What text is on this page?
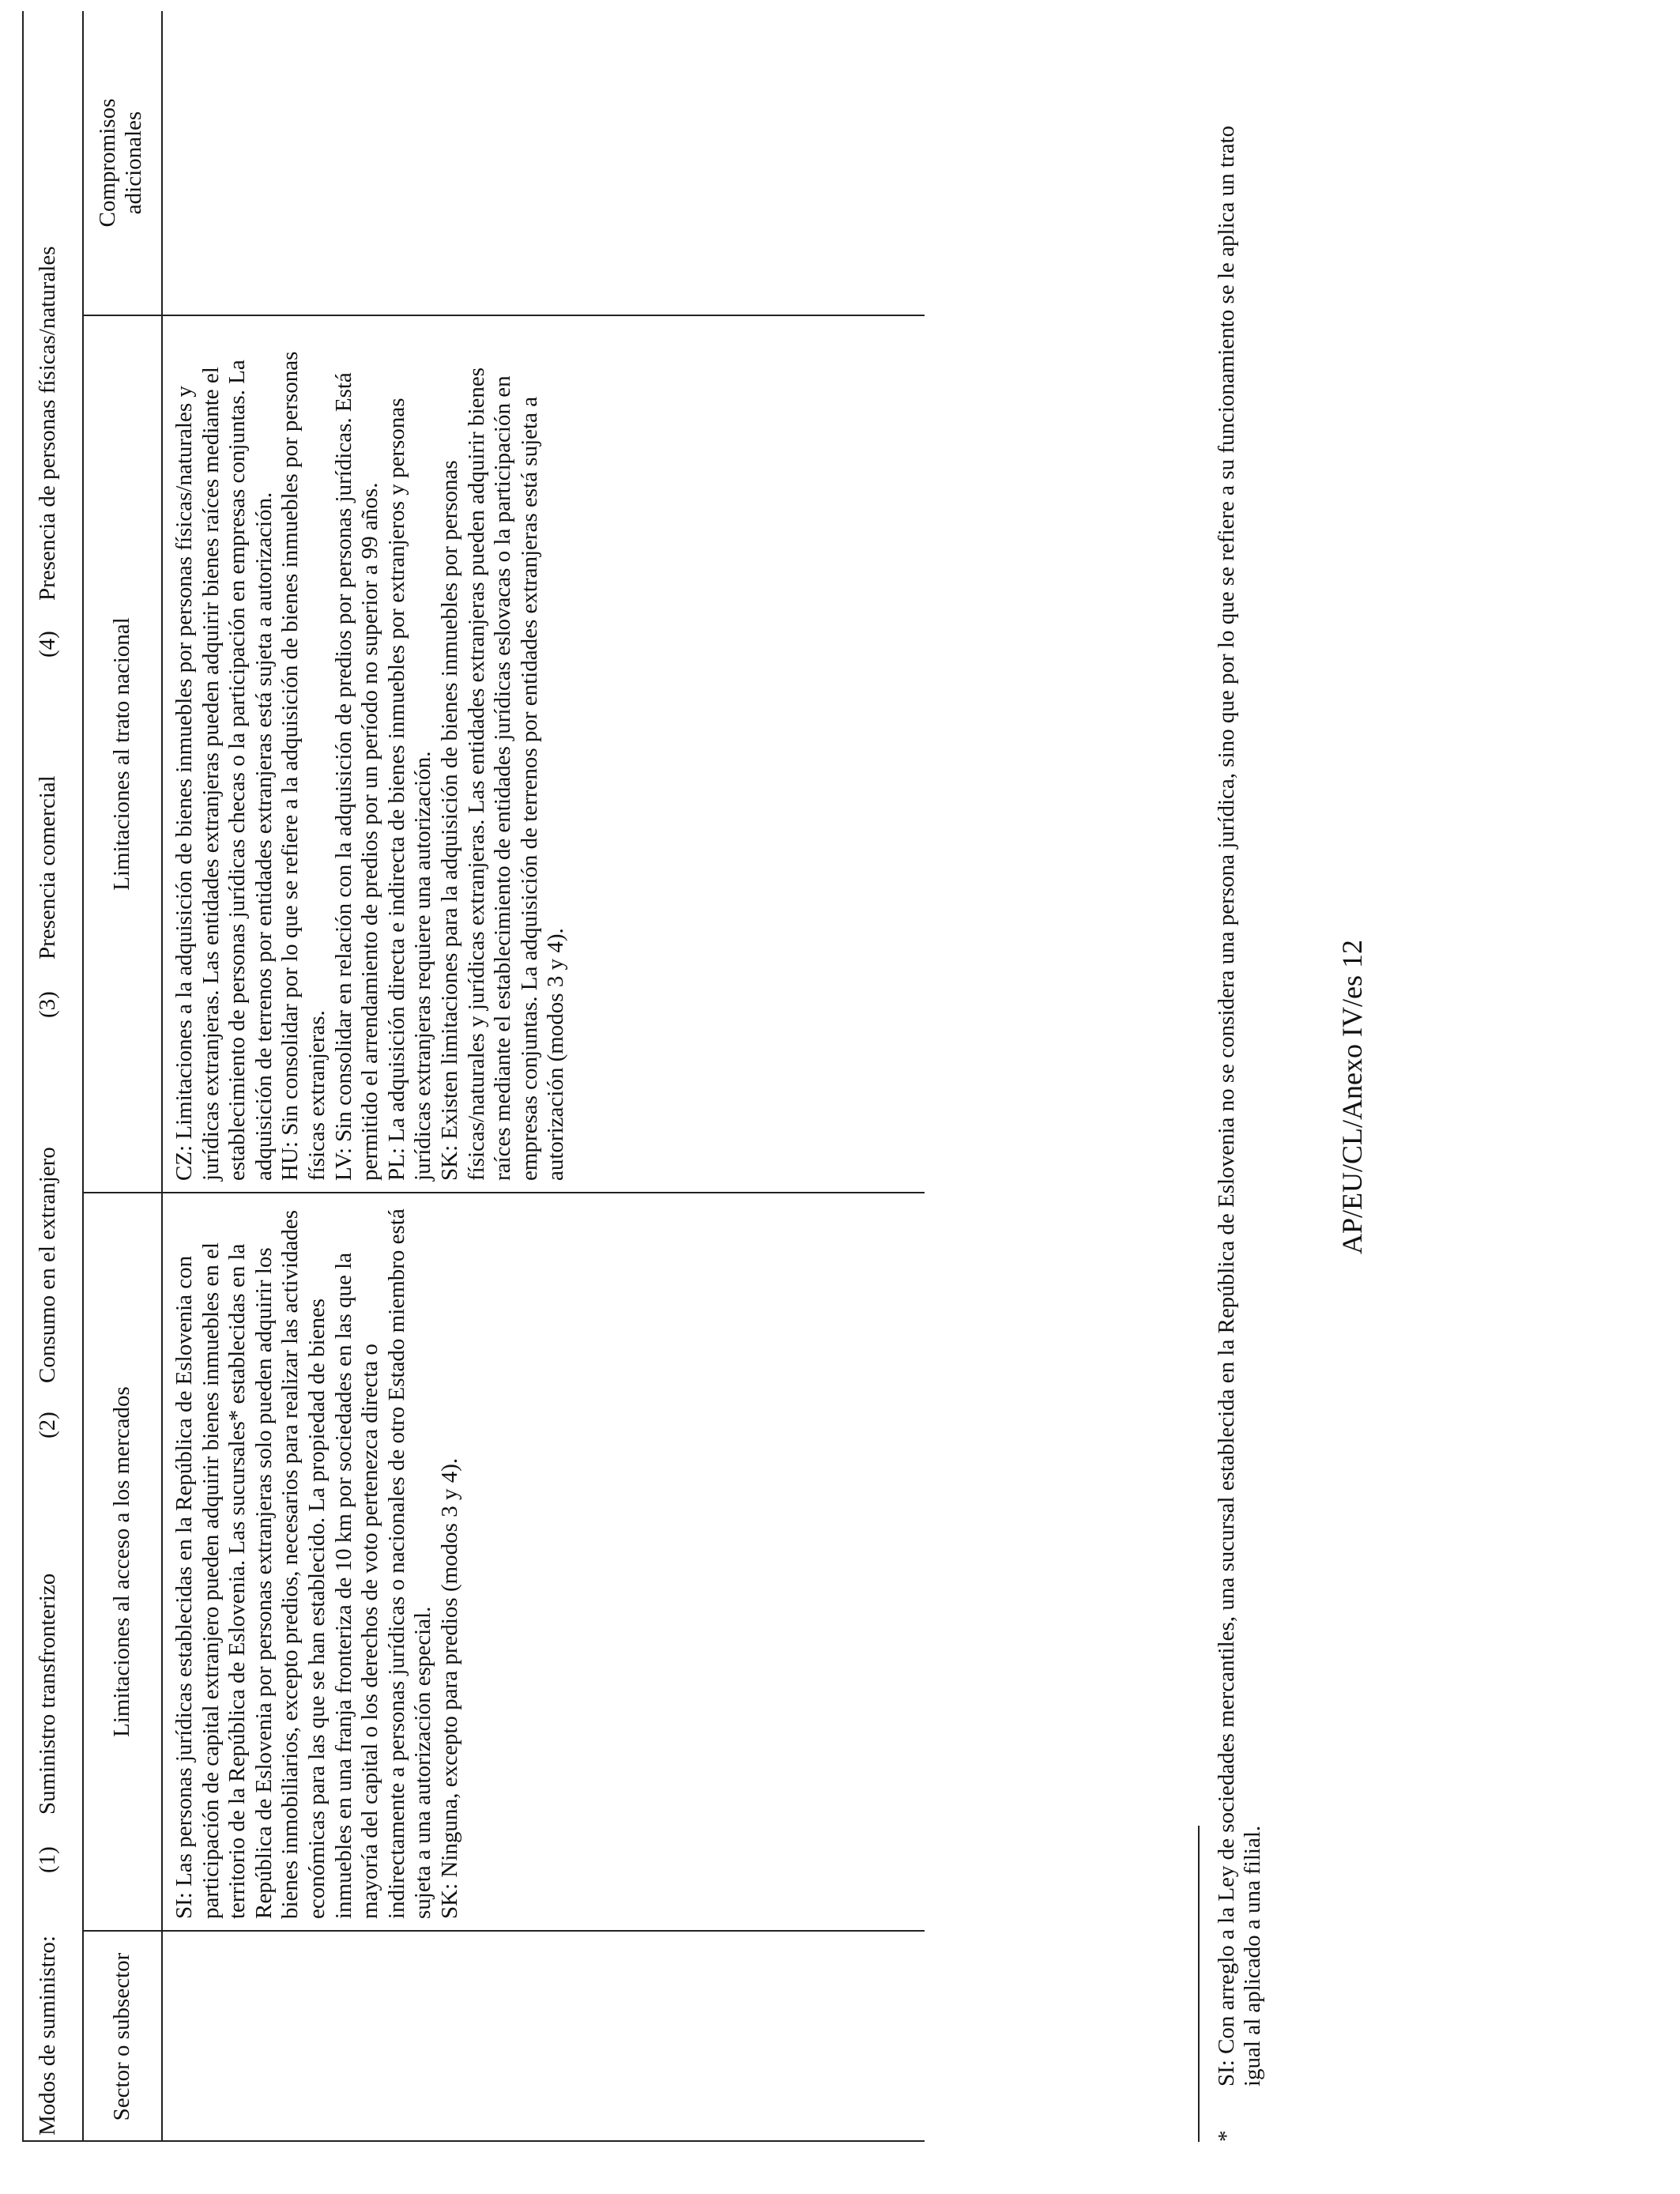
Modos de suministro:
(1)
Suministro transfronterizo
(2)
Consumo en el extranjero
(3)
Presencia comercial
(4)
Presencia de personas físicas/naturales
Sector o subsector
Limitaciones al acceso a los mercados
Limitaciones al trato nacional
Compromisos adicionales

SI: Las personas jurídicas establecidas en la República de Eslovenia con participación de capital extranjero pueden adquirir bienes inmuebles en el territorio de la República de Eslovenia. Las sucursales* establecidas en la República de Eslovenia por personas extranjeras solo pueden adquirir los bienes inmobiliarios, excepto predios, necesarios para realizar las actividades económicas para las que se han establecido. La propiedad de bienes inmuebles en una franja fronteriza de 10 km por sociedades en las que la mayoría del capital o los derechos de voto pertenezca directa o indirectamente a personas jurídicas o nacionales de otro Estado miembro está sujeta a una autorización especial. SK: Ninguna, excepto para predios (modos 3 y 4).

CZ: Limitaciones a la adquisición de bienes inmuebles por personas físicas/naturales y jurídicas extranjeras. Las entidades extranjeras pueden adquirir bienes raíces mediante el establecimiento de personas jurídicas checas o la participación en empresas conjuntas. La adquisición de terrenos por entidades extranjeras está sujeta a autorización. HU: Sin consolidar por lo que se refiere a la adquisición de bienes inmuebles por personas físicas extranjeras. LV: Sin consolidar en relación con la adquisición de predios por personas jurídicas. Está permitido el arrendamiento de predios por un período no superior a 99 años. PL: La adquisición directa e indirecta de bienes inmuebles por extranjeros y personas jurídicas extranjeras requiere una autorización. SK: Existen limitaciones para la adquisición de bienes inmuebles por personas físicas/naturales y jurídicas extranjeras. Las entidades extranjeras pueden adquirir bienes raíces mediante el establecimiento de entidades jurídicas eslovacas o la participación en empresas conjuntas. La adquisición de terrenos por entidades extranjeras está sujeta a autorización (modos 3 y 4).

*
SI: Con arreglo a la Ley de sociedades mercantiles, una sucursal establecida en la República de Eslovenia no se considera una persona jurídica, sino que por lo que se refiere a su funcionamiento se le aplica un trato igual al aplicado a una filial.
AP/EU/CL/Anexo IV/es 12
